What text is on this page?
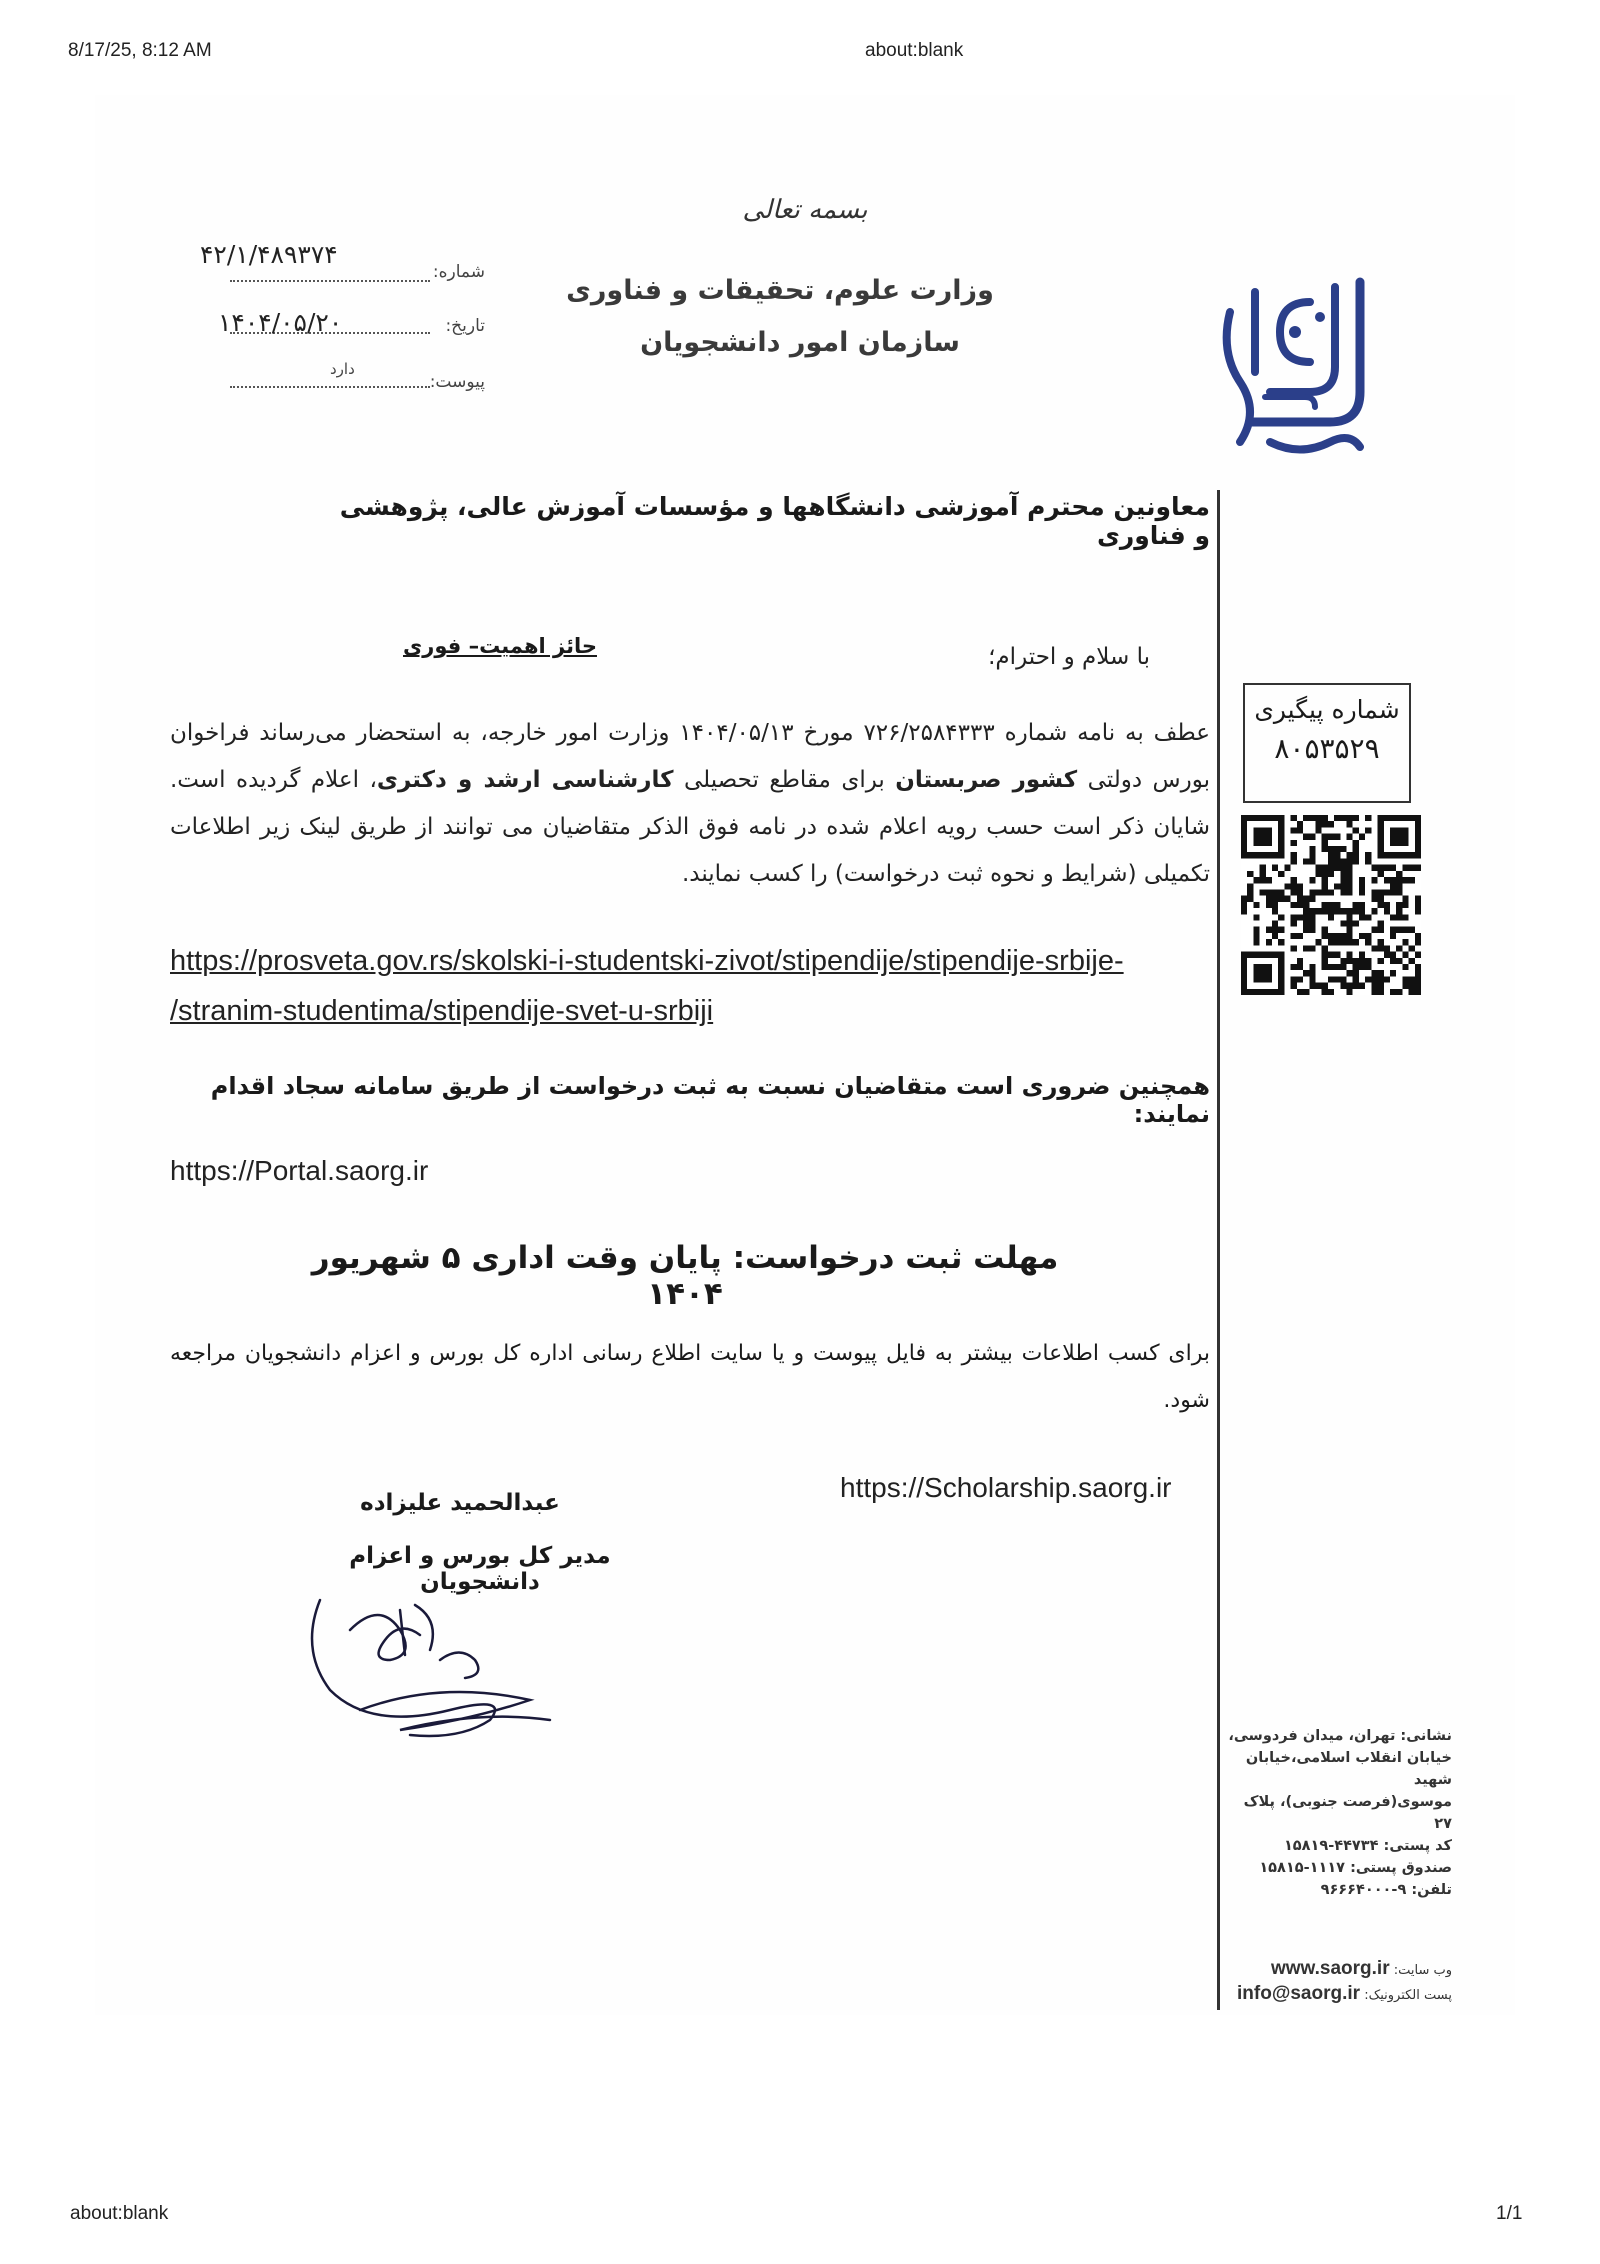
8/17/25, 8:12 AM	about:blank
about:blank	1/1
بسمه تعالی
وزارت علوم، تحقیقات و فناوری
سازمان امور دانشجویان
شماره:
۴۲/۱/۴۸۹۳۷۴
تاریخ:
۱۴۰۴/۰۵/۲۰
پیوست:
دارد
معاونین محترم آموزشی دانشگاهها و مؤسسات آموزش عالی، پژوهشی و فناوری
حائز اهمیت– فوری	با سلام و احترام؛
عطف به نامه شماره ۷۲۶/۲۵۸۴۳۳۳ مورخ ۱۴۰۴/۰۵/۱۳ وزارت امور خارجه، به استحضار می‌رساند فراخوان بورس دولتی کشور صربستان برای مقاطع تحصیلی کارشناسی ارشد و دکتری، اعلام گردیده است. شایان ذکر است حسب رویه اعلام شده در نامه فوق الذکر متقاضیان می توانند از طریق لینک زیر اطلاعات تکمیلی (شرایط و نحوه ثبت درخواست) را کسب نمایند.
https://prosveta.gov.rs/skolski-i-studentski-zivot/stipendije/stipendije-srbije-
/stranim-studentima/stipendije-svet-u-srbiji
همچنین ضروری است متقاضیان نسبت به ثبت درخواست از طریق سامانه سجاد اقدام نمایند:
https://Portal.saorg.ir
مهلت ثبت درخواست: پایان وقت اداری ۵ شهریور ۱۴۰۴
برای کسب اطلاعات بیشتر به فایل پیوست و یا سایت اطلاع رسانی اداره کل بورس و اعزام دانشجویان مراجعه شود.
https://Scholarship.saorg.ir
عبدالحمید علیزاده
مدیر کل بورس و اعزام دانشجویان
شماره پیگیری
۸۰۵۳۵۲۹
نشانی: تهران، میدان فردوسی،
خیابان انقلاب اسلامی،خیابان شهید
موسوی(فرصت جنوبی)، پلاک ۲۷
کد پستی: ۴۴۷۳۴-۱۵۸۱۹
صندوق پستی: ۱۱۱۷-۱۵۸۱۵
تلفن: ۹-۹۶۶۶۴۰۰۰
وب سایت: www.saorg.ir
پست الکترونیک: info@saorg.ir
